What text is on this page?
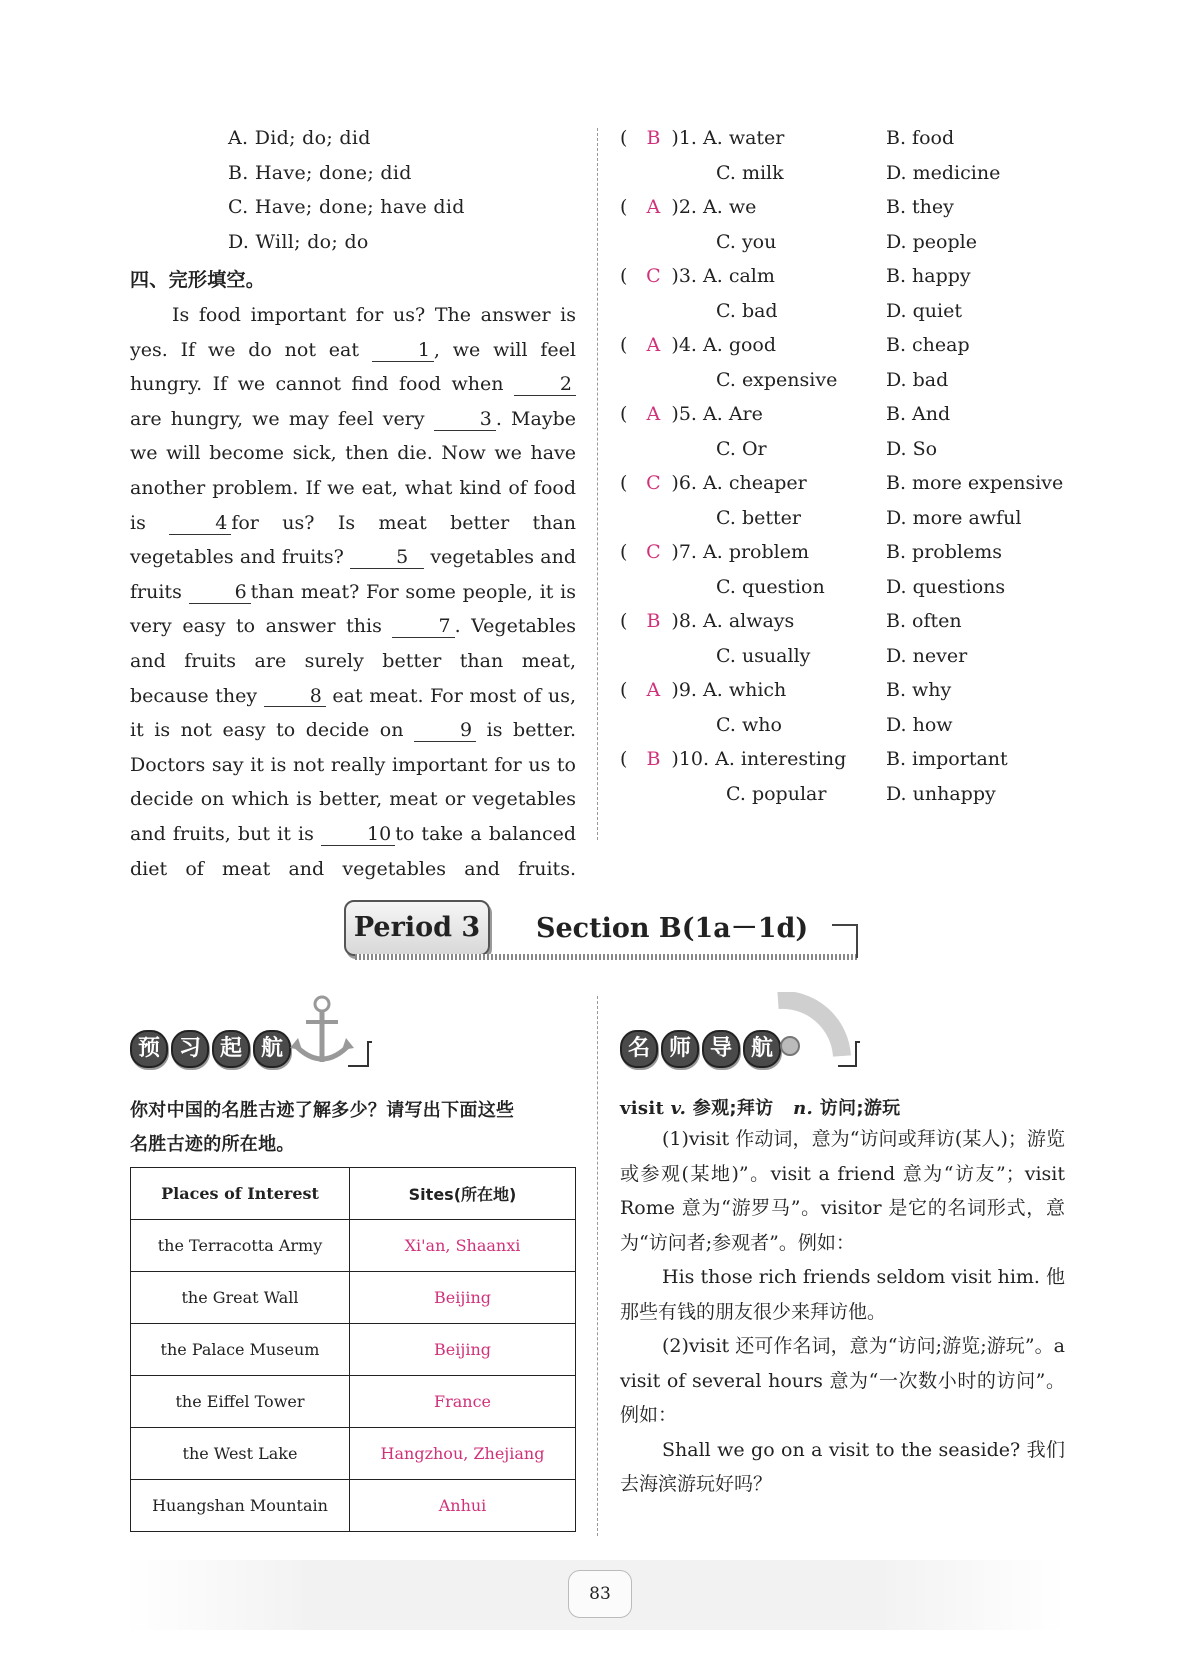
A. Did; do; did
B. Have; done; did
C. Have; done; have did
D. Will; do; do
四、完形填空。

Is food important for us? The answer is yes. If we do not eat	1 , we will feel hungry. If we cannot find food when	2are hungry, we may feel very	3 . Maybe we will become sick, then die. Now we have another problem. If we eat, what kind of food is	4 for us? Is meat better than vegetables and fruits?	5 vegetables and fruits	6 than meat? For some people, it is very easy to answer this	7 . Vegetables and fruits are surely better than meat, because they	8 eat meat. For most of us, it is not easy to decide on	9 is better. Doctors say it is not really important for us to decide on which is better, meat or vegetables and fruits, but it is	10 to take a balanced diet of meat and vegetables and fruits.

( B )1. A. water	B. food
C. milk	D. medicine
( A )2. A. we	B. they
C. you	D. people
( C )3. A. calm	B. happy
C. bad	D. quiet
( A )4. A. good	B. cheap
C. expensive	D. bad
( A )5. A. Are	B. And
C. Or	D. So
( C )6. A. cheaper	B. more expensive
C. better	D. more awful
( C )7. A. problem	B. problems
C. question	D. questions
( B )8. A. always	B. often
C. usually	D. never
( A )9. A. which	B. why
C. who	D. how
( B )10. A. interesting B. important
C. popular	D. unhappy
Period 3	Section B(1a－1d)
预 习 起 航
你对中国的名胜古迹了解多少？请写出下面这些
名胜古迹的所在地。
Places of Interest	Sites(所在地)
the Terracotta Army	Xi'an, Shaanxi
the Great Wall	Beijing
the Palace Museum	Beijing
the Eiffel Tower	France
the West Lake	Hangzhou, Zhejiang
Huangshan Mountain	Anhui
名 师 导 航
visit v. 参观;拜访 n. 访问;游玩

(1)visit 作动词，意为“访问或拜访(某人)；游览或参观(某地)”。visit a friend 意为“访友”；visit Rome 意为“游罗马”。visitor 是它的名词形式，意为“访问者;参观者”。例如：

His those rich friends seldom visit him. 他那些有钱的朋友很少来拜访他。

(2)visit 还可作名词，意为“访问;游览;游玩”。a visit of several hours 意为“一次数小时的访问”。例如：

Shall we go on a visit to the seaside? 我们去海滨游玩好吗？

83
